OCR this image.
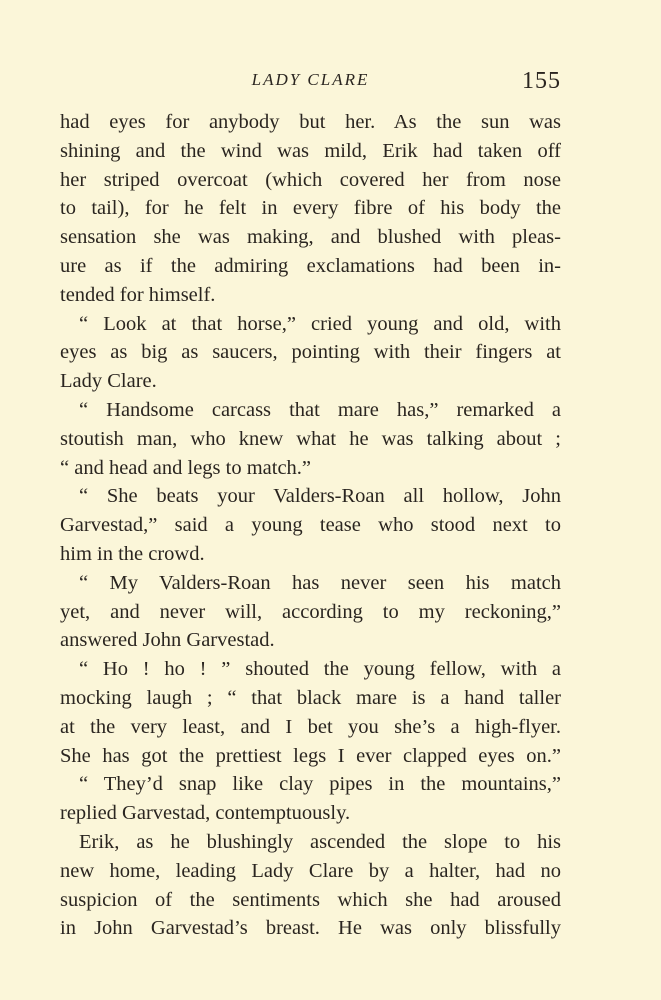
LADY CLARE	155
had eyes for anybody but her. As the sun was
shining and the wind was mild, Erik had taken off
her striped overcoat (which covered her from nose
to tail), for he felt in every fibre of his body the
sensation she was making, and blushed with pleas-
ure as if the admiring exclamations had been in-
tended for himself.
“ Look at that horse,” cried young and old, with
eyes as big as saucers, pointing with their fingers at
Lady Clare.
“ Handsome carcass that mare has,” remarked a
stoutish man, who knew what he was talking about ;
“ and head and legs to match.”
“ She beats your Valders-Roan all hollow, John
Garvestad,” said a young tease who stood next to
him in the crowd.
“ My Valders-Roan has never seen his match
yet, and never will, according to my reckoning,”
answered John Garvestad.
“ Ho ! ho ! ” shouted the young fellow, with a
mocking laugh ; “ that black mare is a hand taller
at the very least, and I bet you she’s a high-flyer.
She has got the prettiest legs I ever clapped eyes on.”
“ They’d snap like clay pipes in the mountains,”
replied Garvestad, contemptuously.
Erik, as he blushingly ascended the slope to his
new home, leading Lady Clare by a halter, had no
suspicion of the sentiments which she had aroused
in John Garvestad’s breast. He was only blissfully
